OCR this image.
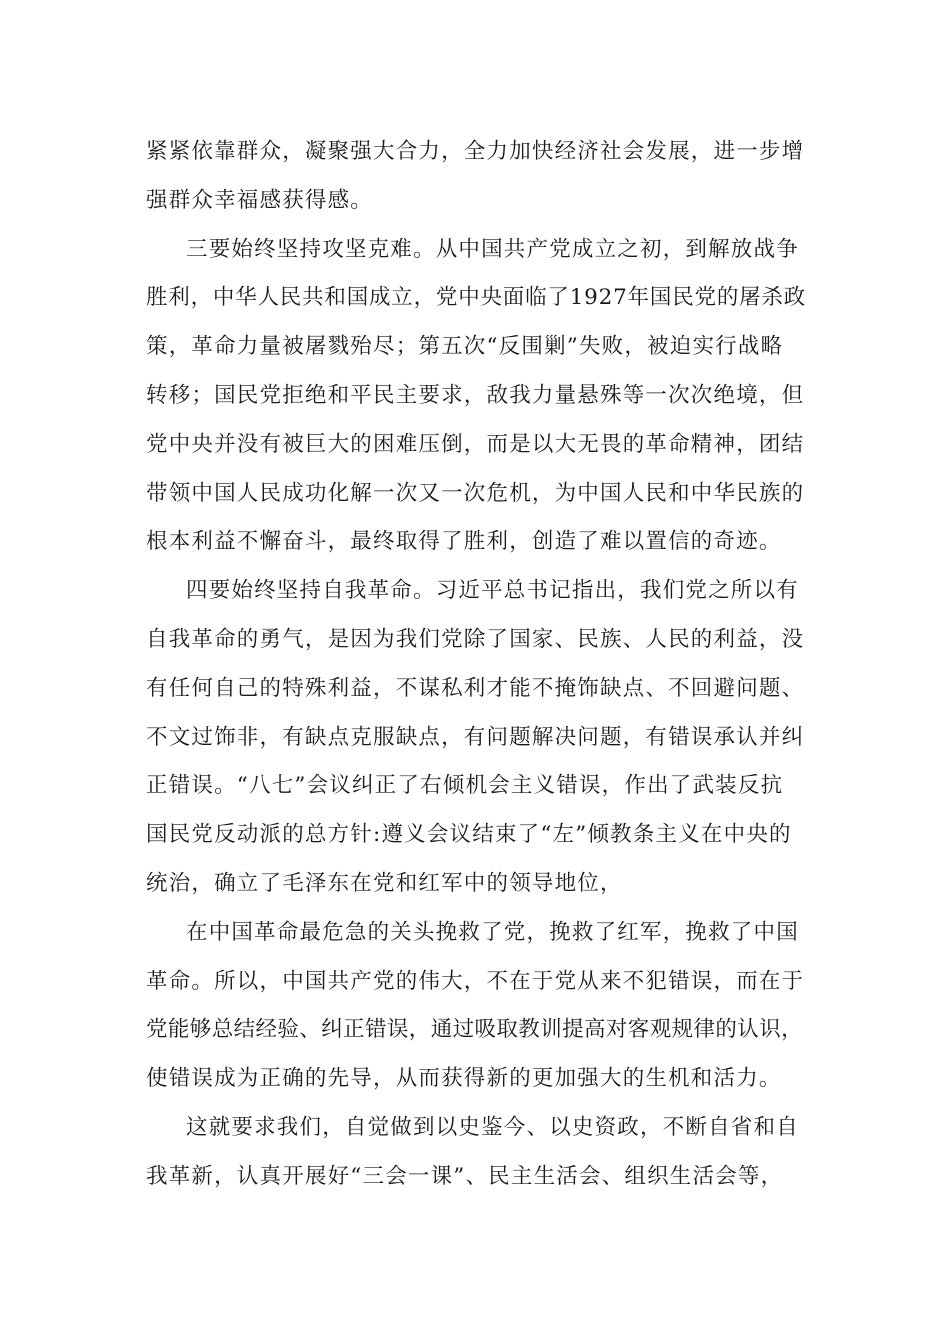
紧紧依靠群众，凝聚强大合力，全力加快经济社会发展，进一步增
强群众幸福感获得感。
三要始终坚持攻坚克难。从中国共产党成立之初，到解放战争
胜利，中华人民共和国成立，党中央面临了1927年国民党的屠杀政
策，革命力量被屠戮殆尽；第五次“反围剿”失败，被迫实行战略
转移；国民党拒绝和平民主要求，敌我力量悬殊等一次次绝境，但
党中央并没有被巨大的困难压倒，而是以大无畏的革命精神，团结
带领中国人民成功化解一次又一次危机，为中国人民和中华民族的
根本利益不懈奋斗，最终取得了胜利，创造了难以置信的奇迹。
四要始终坚持自我革命。习近平总书记指出，我们党之所以有
自我革命的勇气，是因为我们党除了国家、民族、人民的利益，没
有任何自己的特殊利益，不谋私利才能不掩饰缺点、不回避问题、
不文过饰非，有缺点克服缺点，有问题解决问题，有错误承认并纠
正错误。“八七”会议纠正了右倾机会主义错误，作出了武装反抗
国民党反动派的总方针:遵义会议结束了“左”倾教条主义在中央的
统治，确立了毛泽东在党和红军中的领导地位，
在中国革命最危急的关头挽救了党，挽救了红军，挽救了中国
革命。所以，中国共产党的伟大，不在于党从来不犯错误，而在于
党能够总结经验、纠正错误，通过吸取教训提高对客观规律的认识，
使错误成为正确的先导，从而获得新的更加强大的生机和活力。
这就要求我们，自觉做到以史鉴今、以史资政，不断自省和自
我革新，认真开展好“三会一课”、民主生活会、组织生活会等，
